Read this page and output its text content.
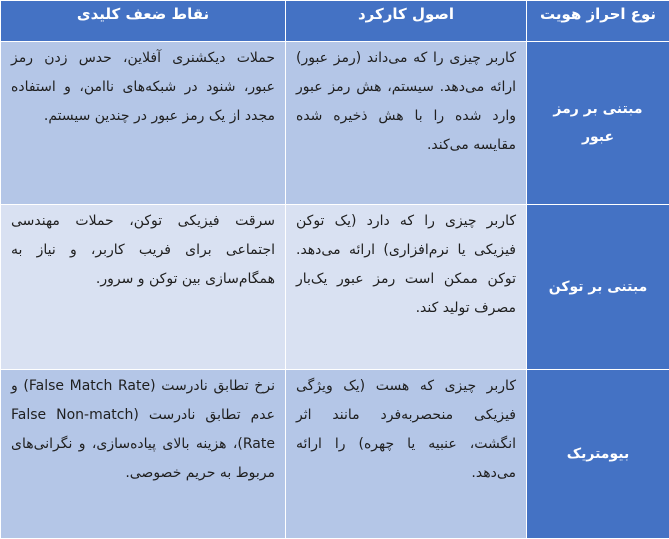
نوع احراز هویت	اصول کارکرد	نقاط ضعف کلیدی

مبتنی بر رمز عبور	کاربر چیزی را که می‌داند (رمز عبور) ارائه می‌دهد. سیستم، هش رمز عبور وارد شده را با هش ذخیره شده مقایسه می‌کند.	حملات دیکشنری آفلاین، حدس زدن رمز عبور، شنود در شبکه‌های ناامن، و استفاده مجدد از یک رمز عبور در چندین سیستم.

مبتنی بر توکن	کاربر چیزی را که دارد (یک توکن فیزیکی یا نرم‌افزاری) ارائه می‌دهد. توکن ممکن است رمز عبور یک‌بار مصرف تولید کند.	سرقت فیزیکی توکن، حملات مهندسی اجتماعی برای فریب کاربر، و نیاز به همگام‌سازی بین توکن و سرور.

بیومتریک	کاربر چیزی که هست (یک ویژگی فیزیکی منحصربه‌فرد مانند اثر انگشت، عنبیه یا چهره) را ارائه می‌دهد.	نرخ تطابق نادرست (False Match Rate) و عدم تطابق نادرست (False Non-match Rate)، هزینه بالای پیاده‌سازی، و نگرانی‌های مربوط به حریم خصوصی.
